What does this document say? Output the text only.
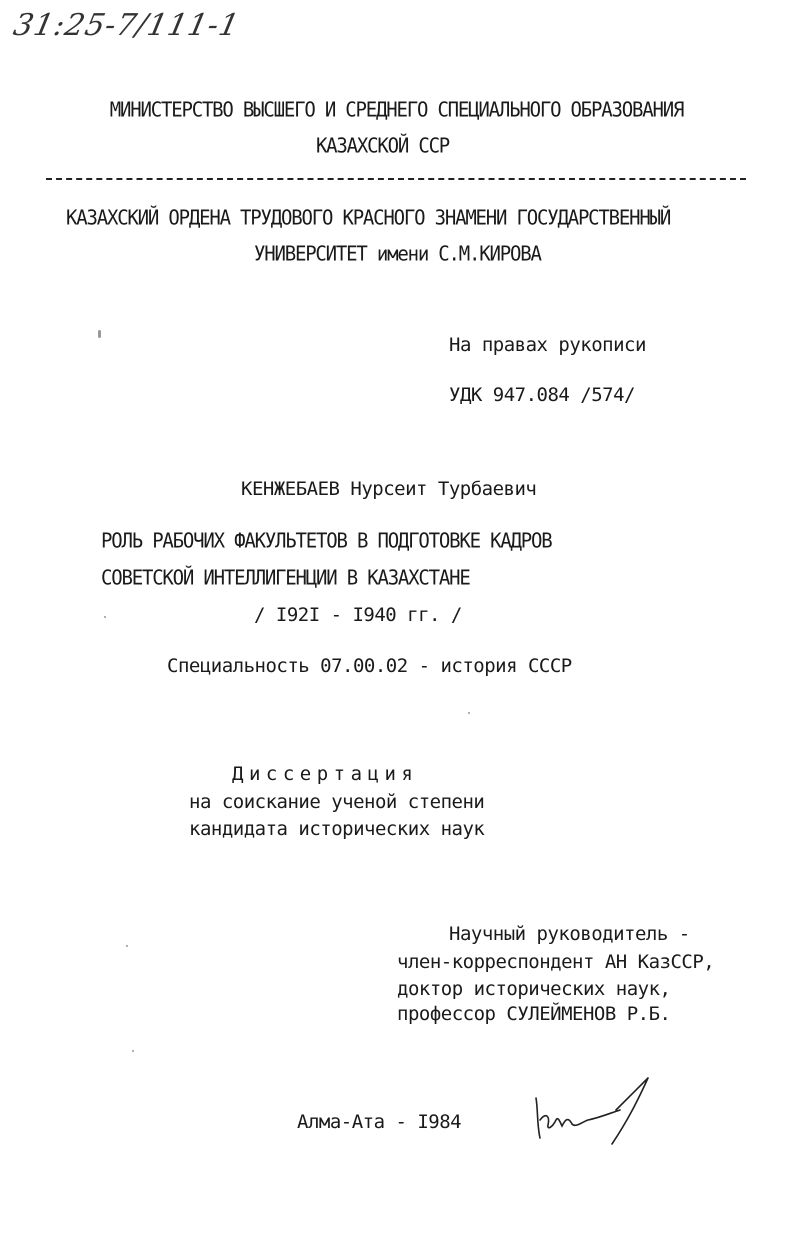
31:25-7/111-1
МИНИСТЕРСТВО ВЫСШЕГО И СРЕДНЕГО СПЕЦИАЛЬНОГО ОБРАЗОВАНИЯ
КАЗАХСКОЙ ССР
КАЗАХСКИЙ ОРДЕНА ТРУДОВОГО КРАСНОГО ЗНАМЕНИ ГОСУДАРСТВЕННЫЙ
УНИВЕРСИТЕТ имени С.М.КИРОВА
На правах рукописи
УДК 947.084 /574/
КЕНЖЕБАЕВ Нурсеит Турбаевич
РОЛЬ РАБОЧИХ ФАКУЛЬТЕТОВ В ПОДГОТОВКЕ КАДРОВ
СОВЕТСКОЙ ИНТЕЛЛИГЕНЦИИ В КАЗАХСТАНЕ
/ I92I - I940 гг. /
Специальность 07.00.02 - история СССР
Диссертация
на соискание ученой степени
кандидата исторических наук
Научный руководитель -
член-корреспондент АН КазССР,
доктор исторических наук,
профессор СУЛЕЙМЕНОВ Р.Б.
Алма-Ата - I984
